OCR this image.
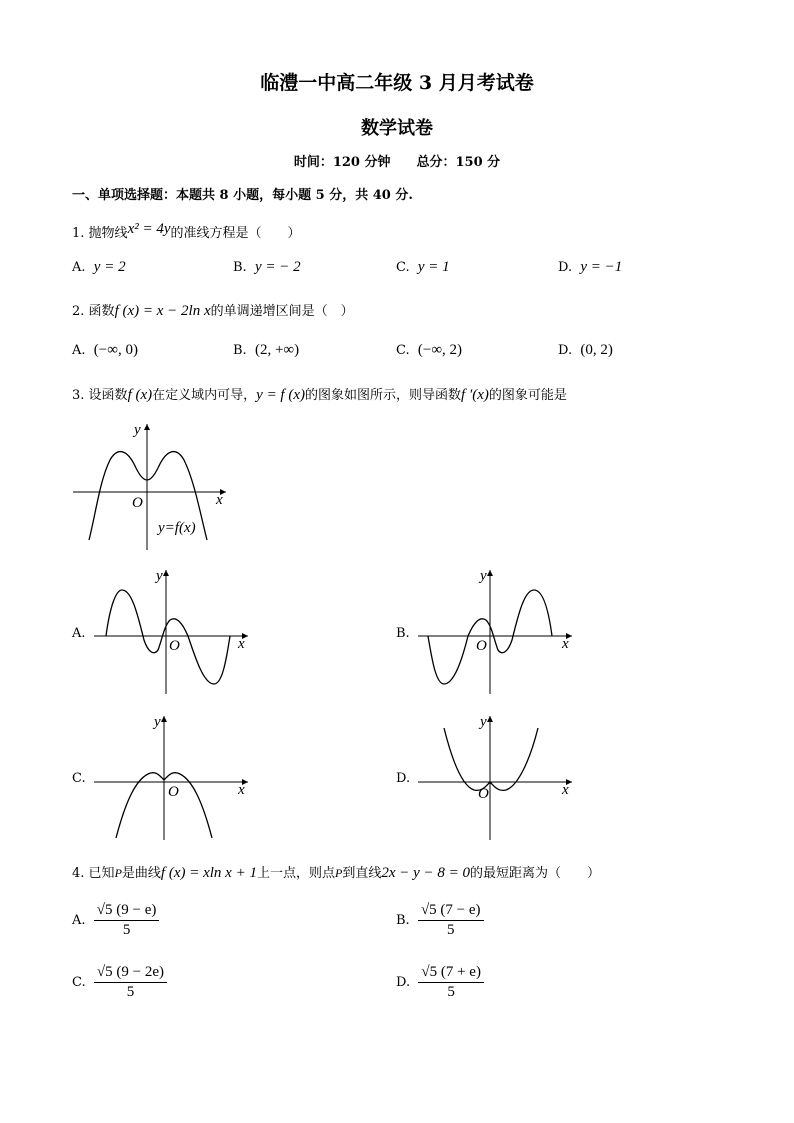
临澧一中高二年级 3 月月考试卷
数学试卷
时间：120 分钟　　总分：150 分
一、单项选择题：本题共 8 小题，每小题 5 分，共 40 分.
1. 抛物线x² = 4y的准线方程是（　　）
A. y = 2	B. y = − 2	C. y = 1	D. y = −1
2. 函数f (x) = x − 2ln x的单调递增区间是（　）
A. (−∞, 0)	B. (2, +∞)	C. (−∞, 2)	D. (0, 2)
3. 设函数f (x)在定义域内可导，y = f (x)的图象如图所示，则导函数f ′(x)的图象可能是
y
x
O
y=f(x)
A.
y
x
O
B.
y
x
O
C.
y
x
O
D.
y
x
O
4. 已知P是曲线f (x) = xln x + 1上一点，则点P到直线2x − y − 8 = 0的最短距离为（　　）
A. $\frac{√5 (9 - e)}{5}$	B. $\frac{√5 (7 - e)}{5}$
C. $\frac{√5 (9 - 2e)}{5}$	D. $\frac{√5 (7 + e)}{5}$
